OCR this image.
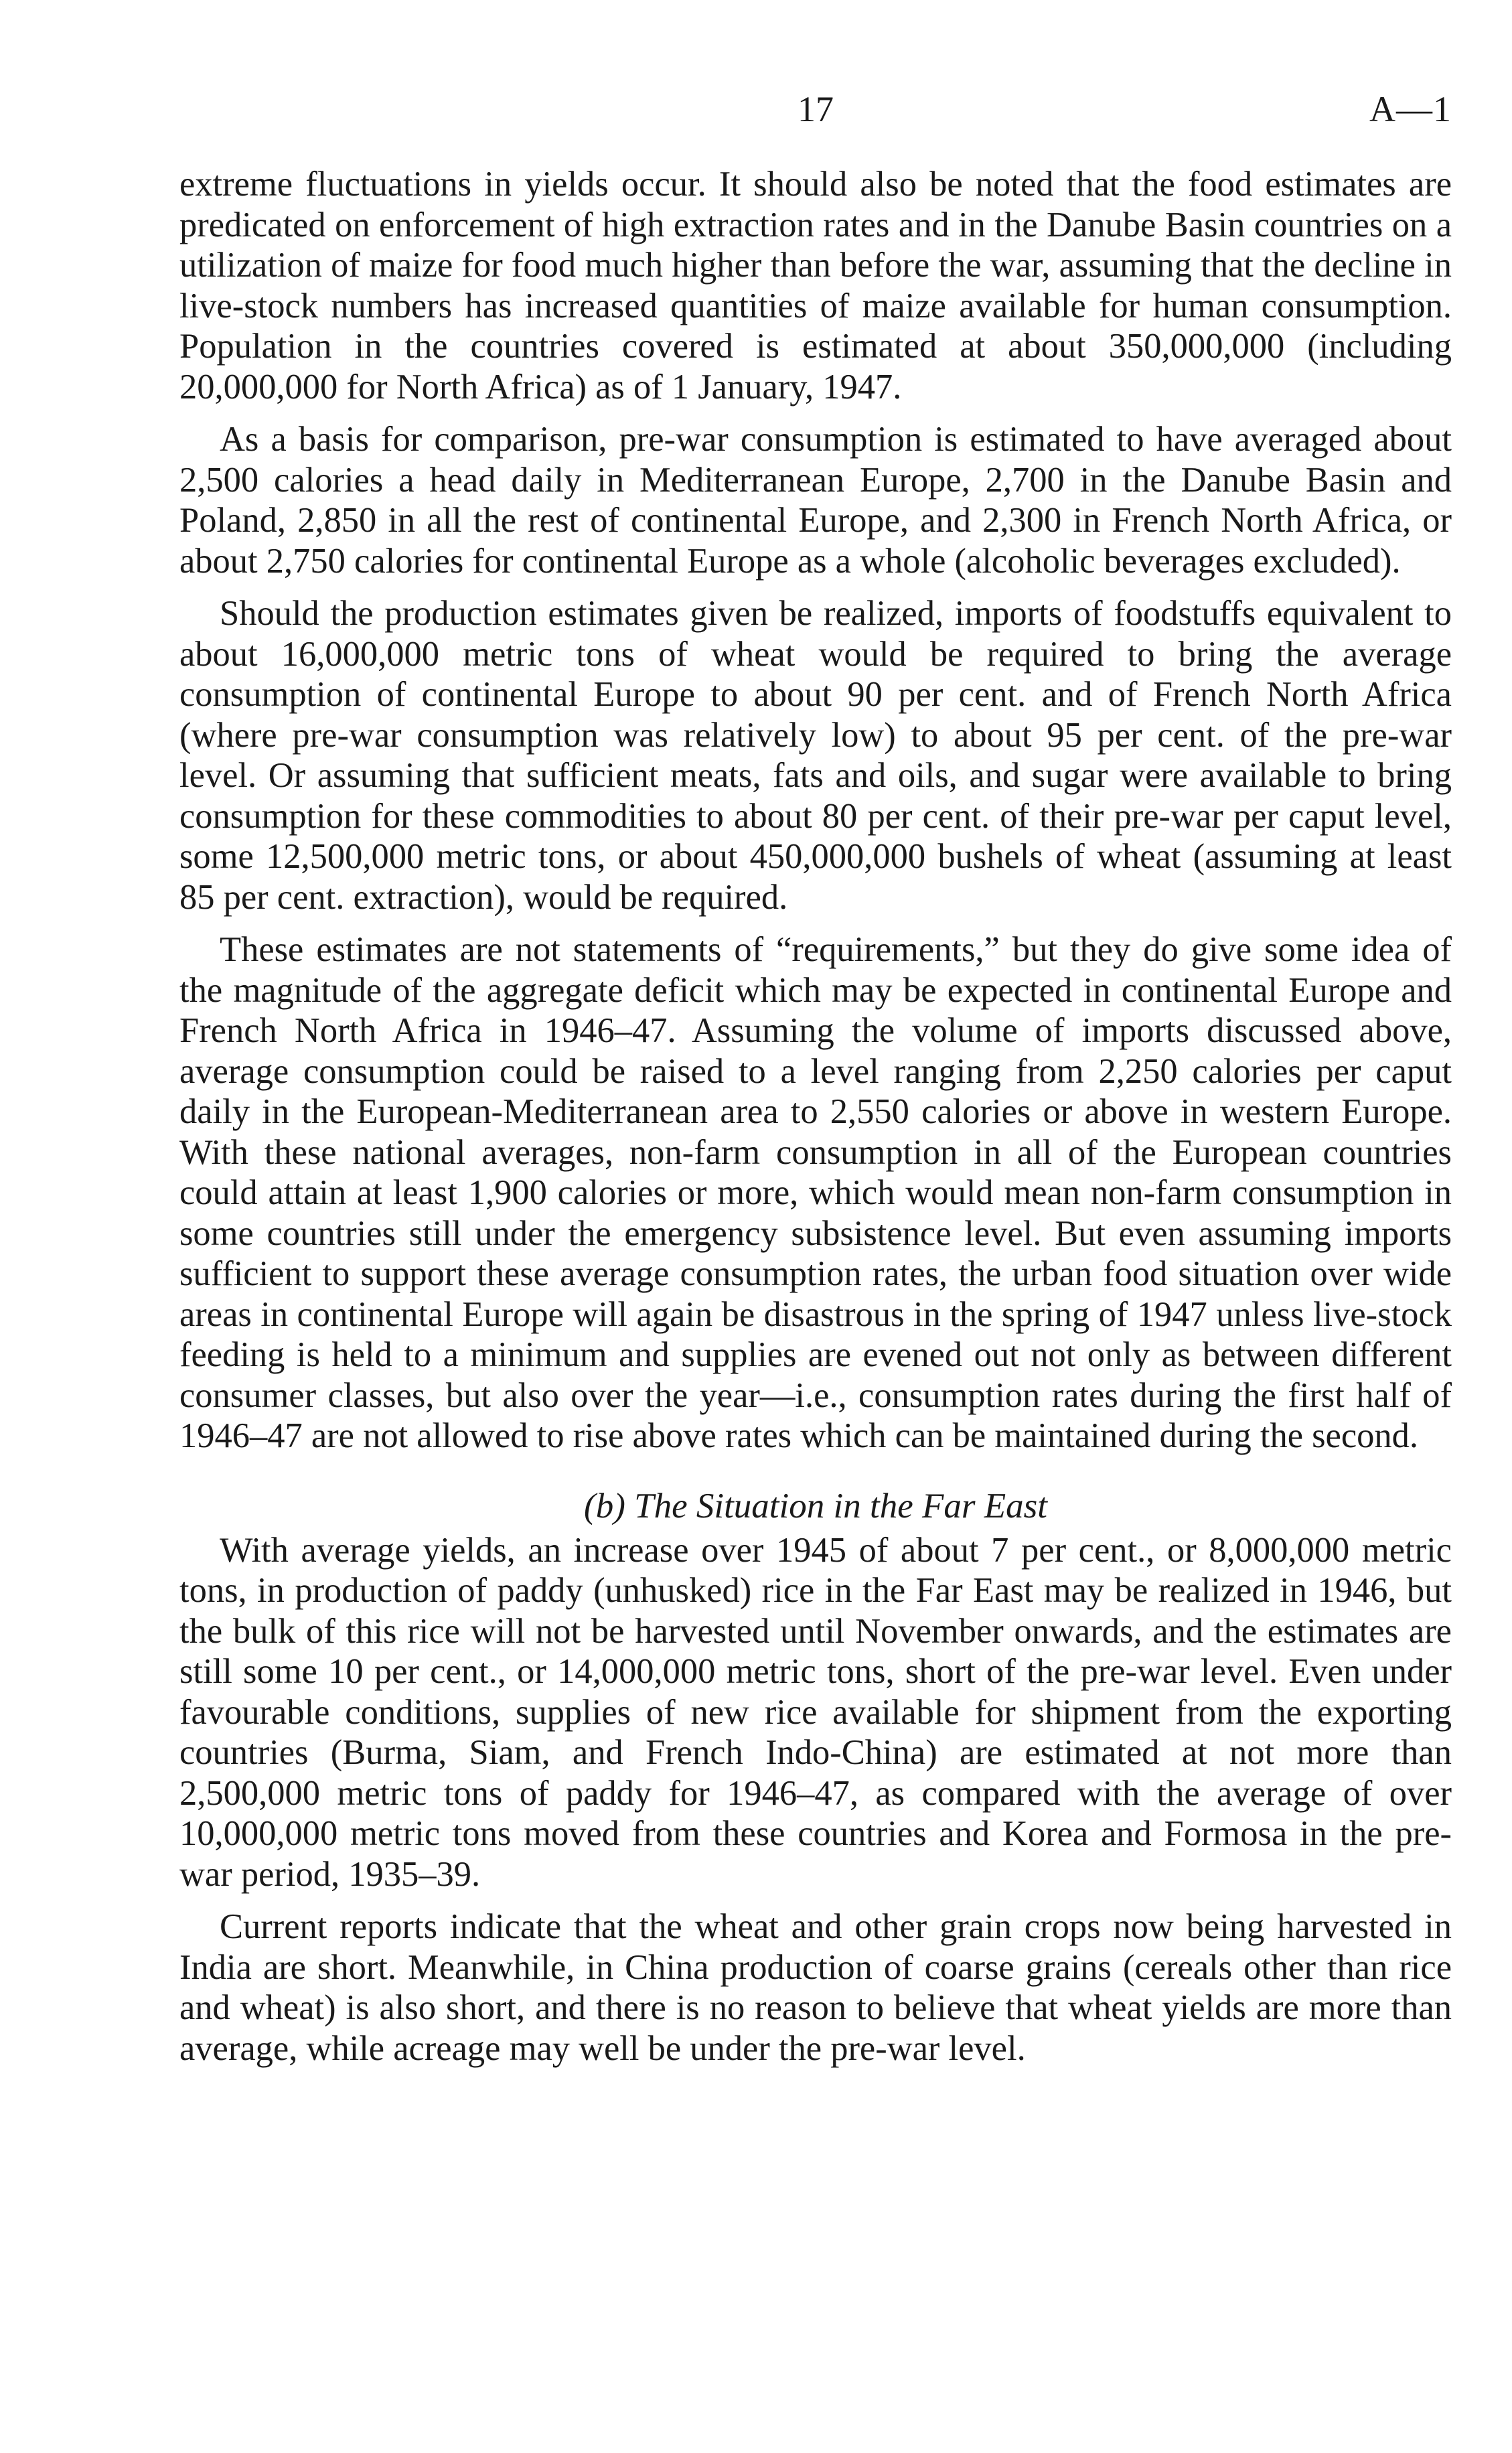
17	A—1

extreme fluctuations in yields occur. It should also be noted that the food estimates are predicated on enforcement of high extraction rates and in the Danube Basin countries on a utilization of maize for food much higher than before the war, assuming that the decline in live-stock numbers has increased quantities of maize available for human consumption. Population in the countries covered is estimated at about 350,000,000 (including 20,000,000 for North Africa) as of 1 January, 1947.

As a basis for comparison, pre-war consumption is estimated to have averaged about 2,500 calories a head daily in Mediterranean Europe, 2,700 in the Danube Basin and Poland, 2,850 in all the rest of continental Europe, and 2,300 in French North Africa, or about 2,750 calories for continental Europe as a whole (alcoholic beverages excluded).

Should the production estimates given be realized, imports of foodstuffs equivalent to about 16,000,000 metric tons of wheat would be required to bring the average consumption of continental Europe to about 90 per cent. and of French North Africa (where pre-war consumption was relatively low) to about 95 per cent. of the pre-war level. Or assuming that sufficient meats, fats and oils, and sugar were available to bring consumption for these commodities to about 80 per cent. of their pre-war per caput level, some 12,500,000 metric tons, or about 450,000,000 bushels of wheat (assuming at least 85 per cent. extraction), would be required.

These estimates are not statements of “requirements,” but they do give some idea of the magnitude of the aggregate deficit which may be expected in continental Europe and French North Africa in 1946–47. Assuming the volume of imports discussed above, average consumption could be raised to a level ranging from 2,250 calories per caput daily in the European-Mediterranean area to 2,550 calories or above in western Europe. With these national averages, non-farm consumption in all of the European countries could attain at least 1,900 calories or more, which would mean non-farm consumption in some countries still under the emergency subsistence level. But even assuming imports sufficient to support these average consumption rates, the urban food situation over wide areas in continental Europe will again be disastrous in the spring of 1947 unless live-stock feeding is held to a minimum and supplies are evened out not only as between different consumer classes, but also over the year—i.e., consumption rates during the first half of 1946–47 are not allowed to rise above rates which can be maintained during the second.

(b) The Situation in the Far East

With average yields, an increase over 1945 of about 7 per cent., or 8,000,000 metric tons, in production of paddy (unhusked) rice in the Far East may be realized in 1946, but the bulk of this rice will not be harvested until November onwards, and the estimates are still some 10 per cent., or 14,000,000 metric tons, short of the pre-war level. Even under favourable conditions, supplies of new rice available for shipment from the exporting countries (Burma, Siam, and French Indo-China) are estimated at not more than 2,500,000 metric tons of paddy for 1946–47, as compared with the average of over 10,000,000 metric tons moved from these countries and Korea and Formosa in the pre-war period, 1935–39.

Current reports indicate that the wheat and other grain crops now being harvested in India are short. Meanwhile, in China production of coarse grains (cereals other than rice and wheat) is also short, and there is no reason to believe that wheat yields are more than average, while acreage may well be under the pre-war level.
